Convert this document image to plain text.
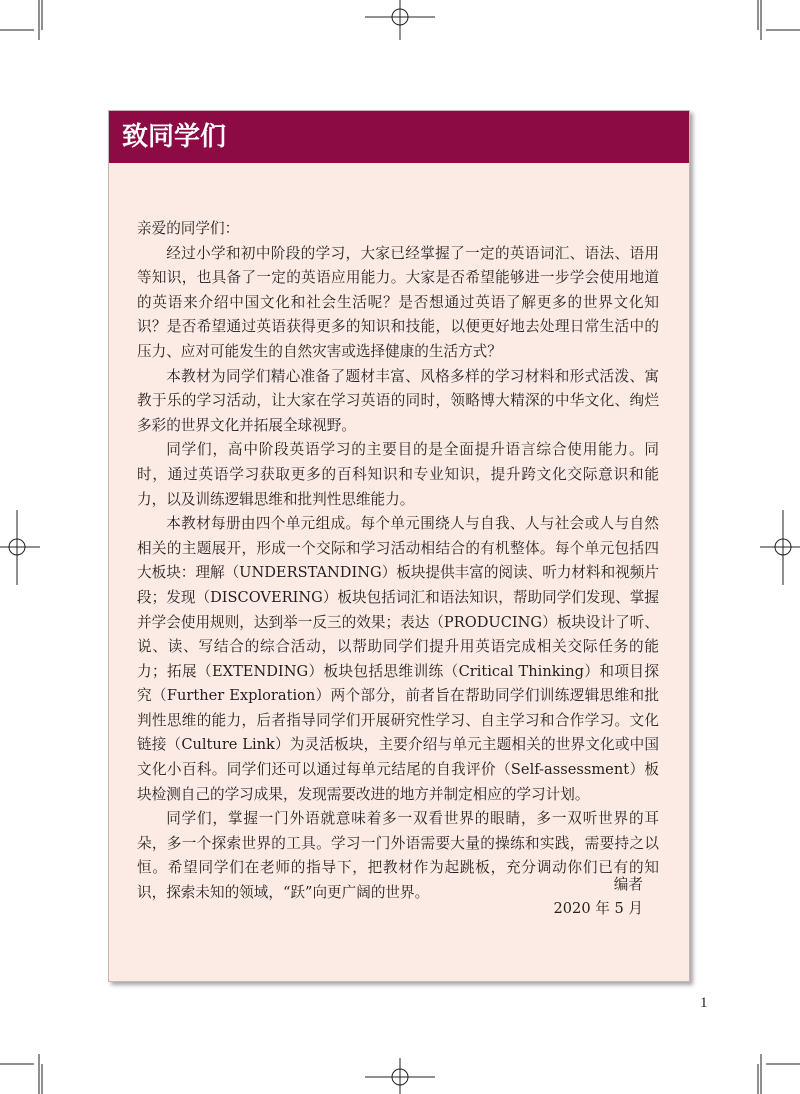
致同学们

亲爱的同学们：

经过小学和初中阶段的学习，大家已经掌握了一定的英语词汇、语法、语用等知识，也具备了一定的英语应用能力。大家是否希望能够进一步学会使用地道的英语来介绍中国文化和社会生活呢？是否想通过英语了解更多的世界文化知识？是否希望通过英语获得更多的知识和技能，以便更好地去处理日常生活中的压力、应对可能发生的自然灾害或选择健康的生活方式？

本教材为同学们精心准备了题材丰富、风格多样的学习材料和形式活泼、寓教于乐的学习活动，让大家在学习英语的同时，领略博大精深的中华文化、绚烂多彩的世界文化并拓展全球视野。

同学们，高中阶段英语学习的主要目的是全面提升语言综合使用能力。同时，通过英语学习获取更多的百科知识和专业知识，提升跨文化交际意识和能力，以及训练逻辑思维和批判性思维能力。

本教材每册由四个单元组成。每个单元围绕人与自我、人与社会或人与自然相关的主题展开，形成一个交际和学习活动相结合的有机整体。每个单元包括四大板块：理解（UNDERSTANDING）板块提供丰富的阅读、听力材料和视频片段；发现（DISCOVERING）板块包括词汇和语法知识，帮助同学们发现、掌握并学会使用规则，达到举一反三的效果；表达（PRODUCING）板块设计了听、说、读、写结合的综合活动，以帮助同学们提升用英语完成相关交际任务的能力；拓展（EXTENDING）板块包括思维训练（Critical Thinking）和项目探究（Further Exploration）两个部分，前者旨在帮助同学们训练逻辑思维和批判性思维的能力，后者指导同学们开展研究性学习、自主学习和合作学习。文化链接（Culture Link）为灵活板块，主要介绍与单元主题相关的世界文化或中国文化小百科。同学们还可以通过每单元结尾的自我评价（Self-assessment）板块检测自己的学习成果，发现需要改进的地方并制定相应的学习计划。

同学们，掌握一门外语就意味着多一双看世界的眼睛，多一双听世界的耳朵，多一个探索世界的工具。学习一门外语需要大量的操练和实践，需要持之以恒。希望同学们在老师的指导下，把教材作为起跳板，充分调动你们已有的知识，探索未知的领域，“跃”向更广阔的世界。	编者
2020 年 5 月
1
